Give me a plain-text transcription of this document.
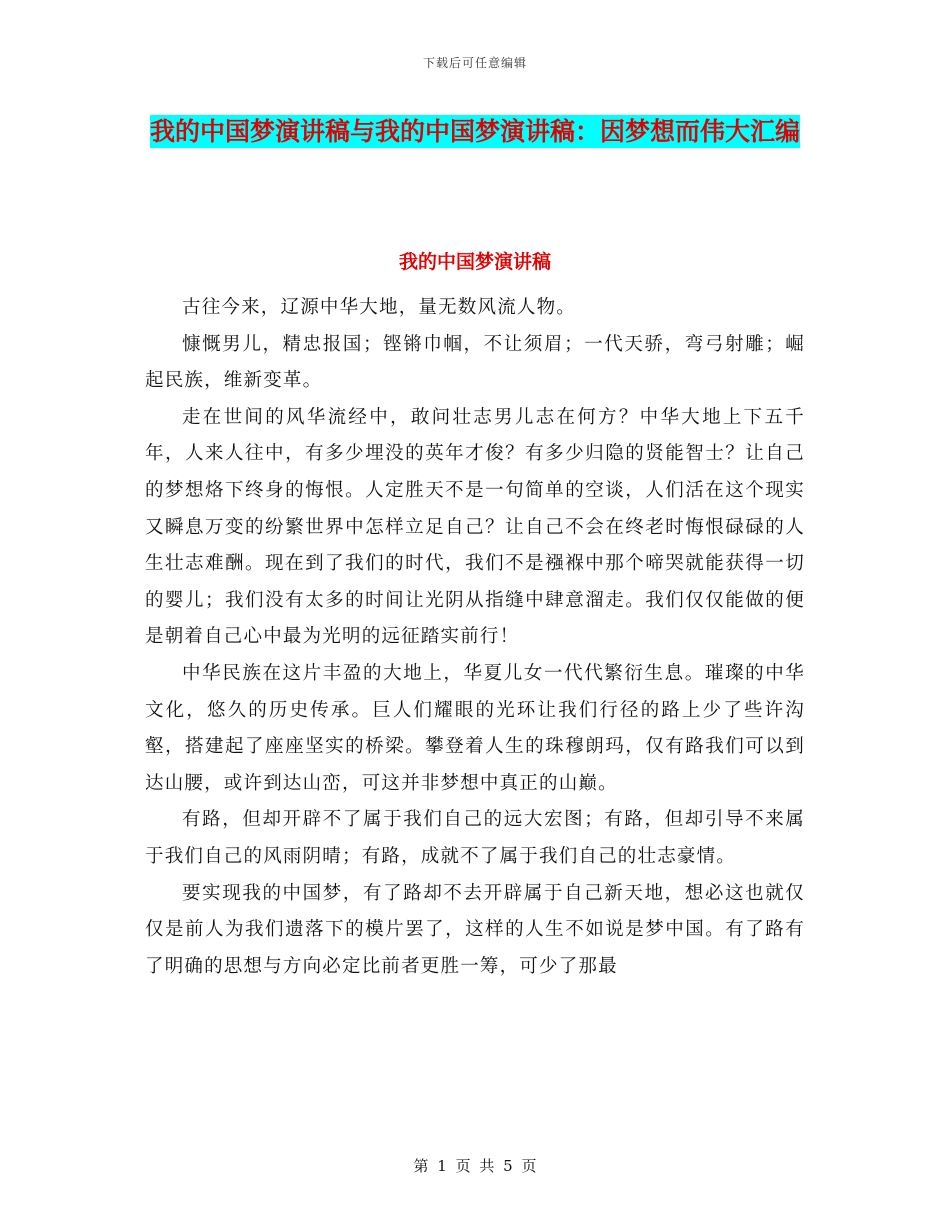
下载后可任意编辑
我的中国梦演讲稿与我的中国梦演讲稿：因梦想而伟大汇编
我的中国梦演讲稿

古往今来，辽源中华大地，量无数风流人物。

慷慨男儿，精忠报国；铿锵巾帼，不让须眉；一代天骄，弯弓射雕；崛起民族，维新变革。

走在世间的风华流经中，敢问壮志男儿志在何方？中华大地上下五千年，人来人往中，有多少埋没的英年才俊？有多少归隐的贤能智士？让自己的梦想烙下终身的悔恨。人定胜天不是一句简单的空谈，人们活在这个现实又瞬息万变的纷繁世界中怎样立足自己？让自己不会在终老时悔恨碌碌的人生壮志难酬。现在到了我们的时代，我们不是襁褓中那个啼哭就能获得一切的婴儿；我们没有太多的时间让光阴从指缝中肆意溜走。我们仅仅能做的便是朝着自己心中最为光明的远征踏实前行！

中华民族在这片丰盈的大地上，华夏儿女一代代繁衍生息。璀璨的中华文化，悠久的历史传承。巨人们耀眼的光环让我们行径的路上少了些许沟壑，搭建起了座座坚实的桥梁。攀登着人生的珠穆朗玛，仅有路我们可以到达山腰，或许到达山峦，可这并非梦想中真正的山巅。

有路，但却开辟不了属于我们自己的远大宏图；有路，但却引导不来属于我们自己的风雨阴晴；有路，成就不了属于我们自己的壮志豪情。

要实现我的中国梦，有了路却不去开辟属于自己新天地，想必这也就仅仅是前人为我们遗落下的模片罢了，这样的人生不如说是梦中国。有了路有了明确的思想与方向必定比前者更胜一筹，可少了那最

第 1 页 共 5 页
